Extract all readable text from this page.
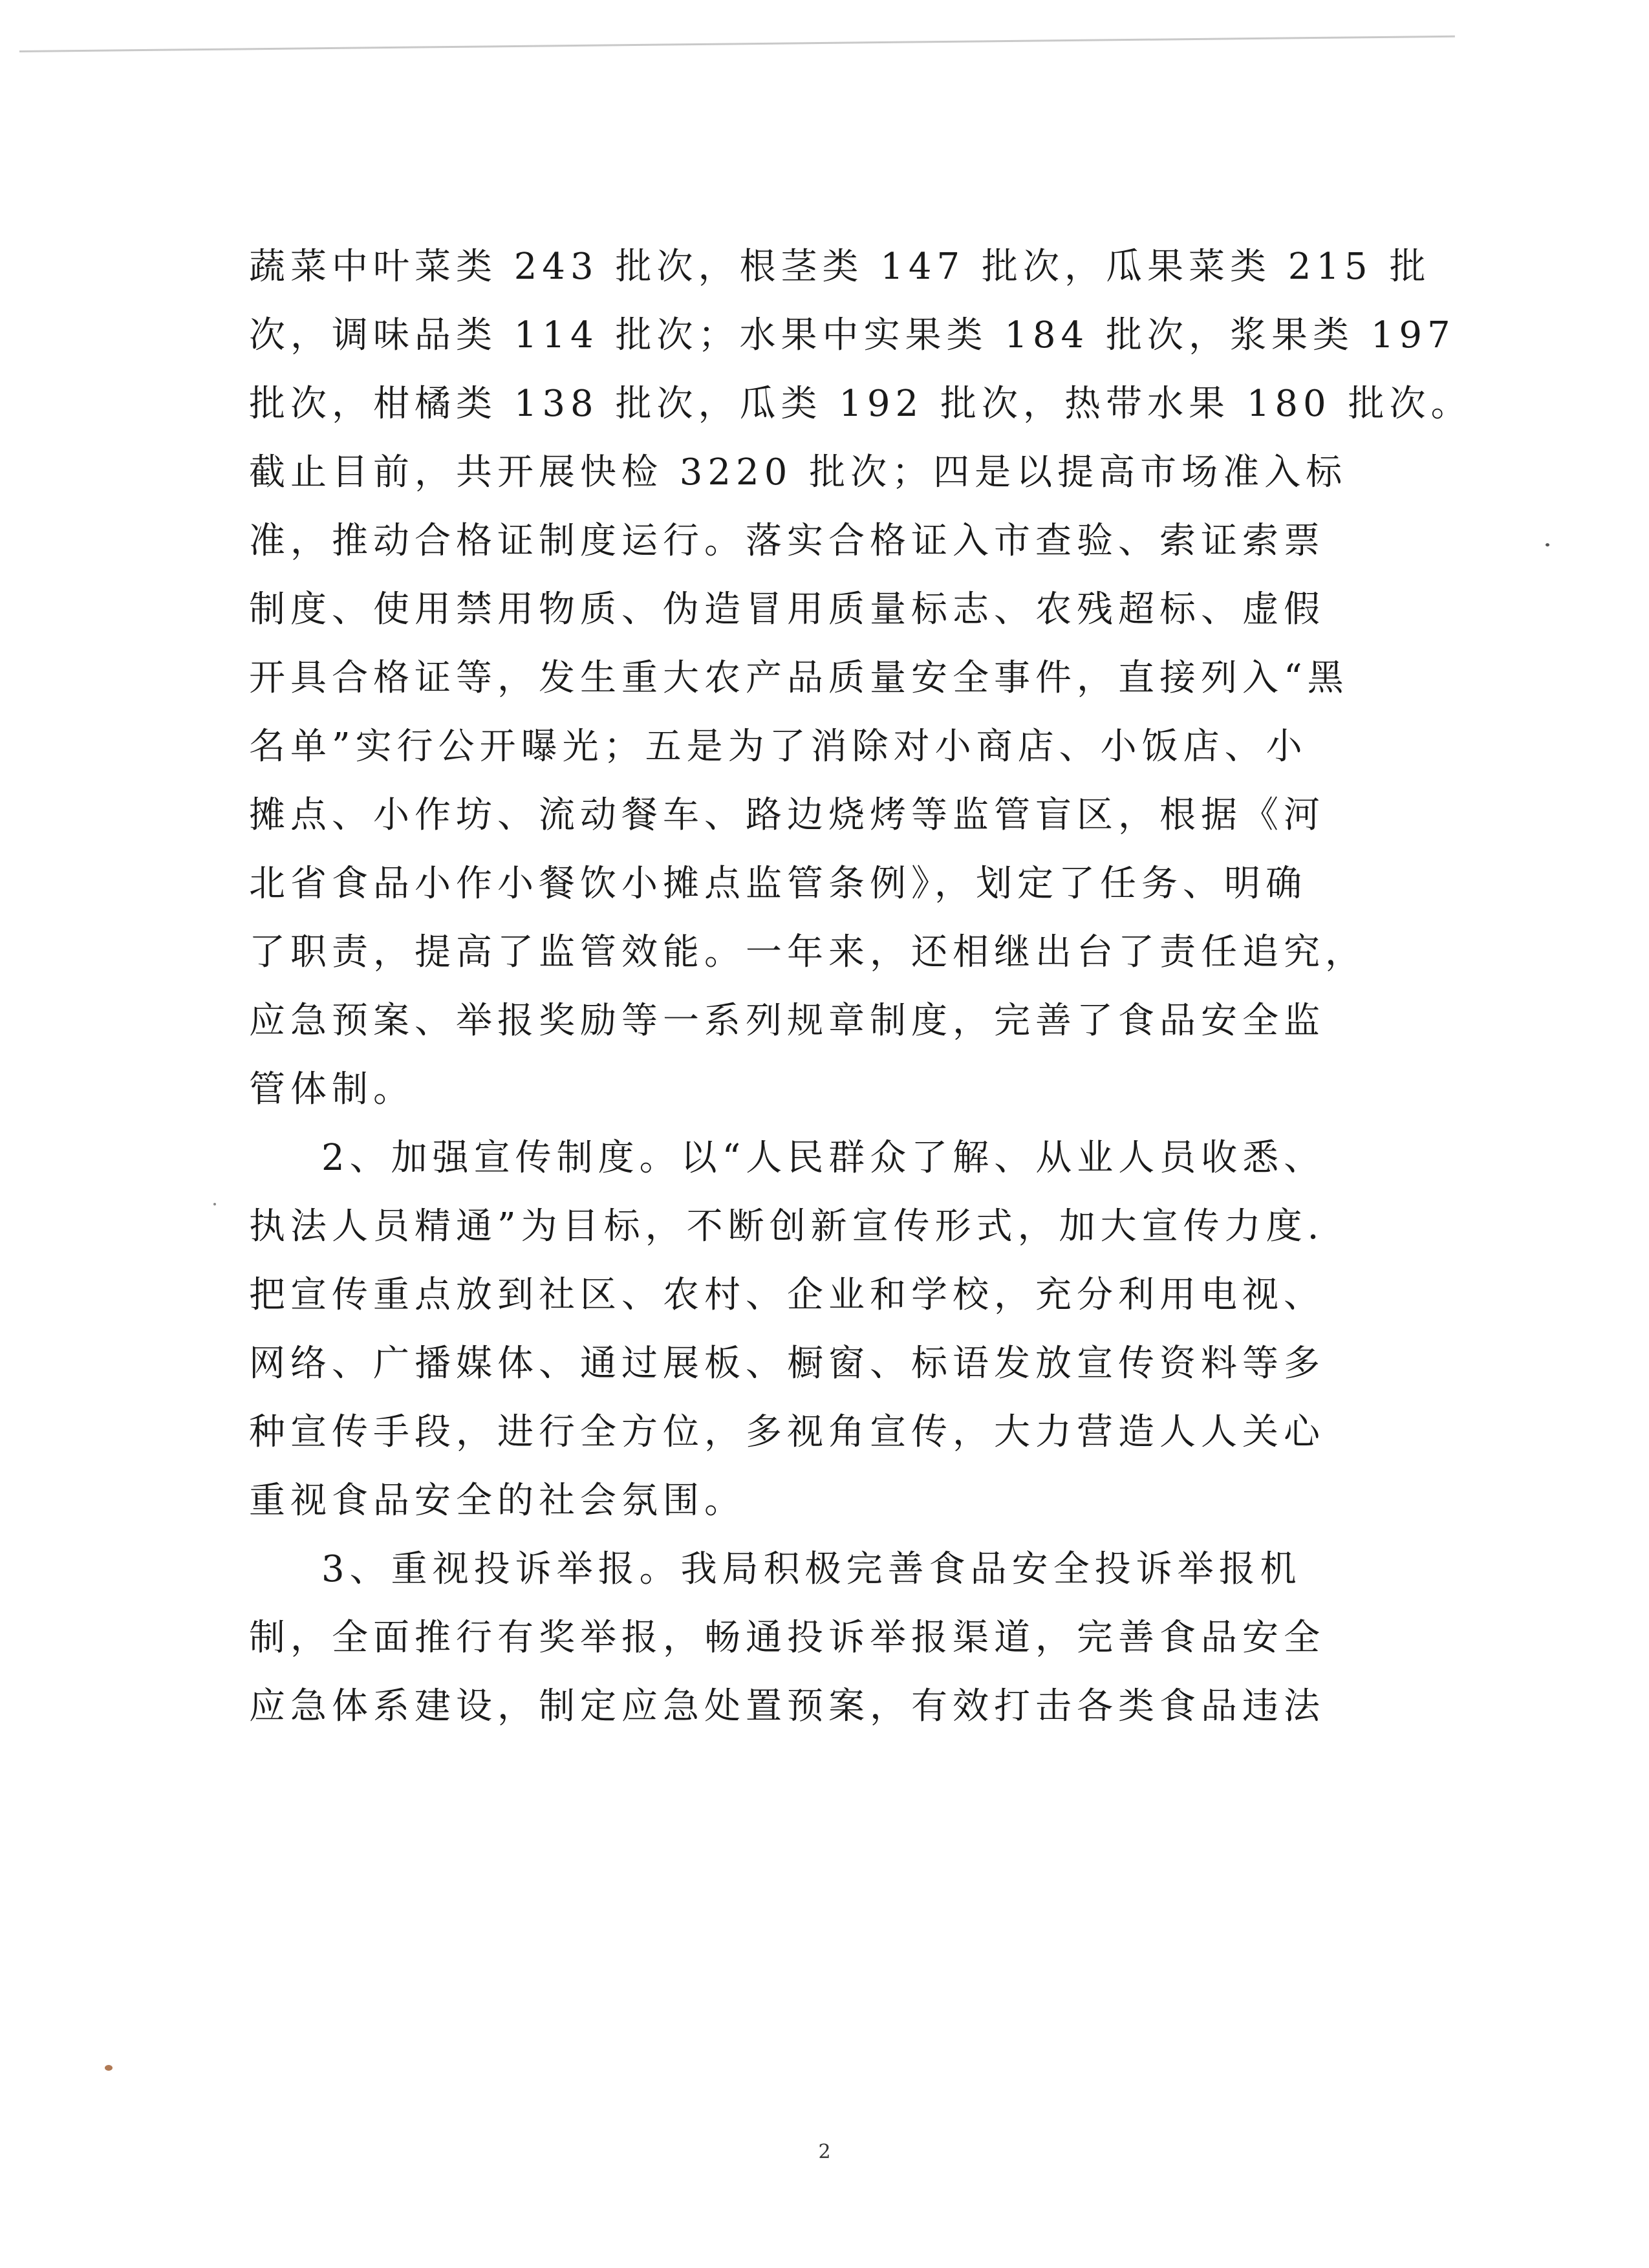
蔬菜中叶菜类 243 批次，根茎类 147 批次，瓜果菜类 215 批

次，调味品类 114 批次；水果中实果类 184 批次，浆果类 197

批次，柑橘类 138 批次，瓜类 192 批次，热带水果 180 批次。

截止目前，共开展快检 3220 批次；四是以提高市场准入标

准，推动合格证制度运行。落实合格证入市查验、索证索票

制度、使用禁用物质、伪造冒用质量标志、农残超标、虚假

开具合格证等，发生重大农产品质量安全事件，直接列入“黑

名单”实行公开曝光；五是为了消除对小商店、小饭店、小

摊点、小作坊、流动餐车、路边烧烤等监管盲区，根据《河

北省食品小作小餐饮小摊点监管条例》，划定了任务、明确

了职责，提高了监管效能。一年来，还相继出台了责任追究，

应急预案、举报奖励等一系列规章制度，完善了食品安全监

管体制。

2、加强宣传制度。以“人民群众了解、从业人员收悉、

执法人员精通”为目标，不断创新宣传形式，加大宣传力度.

把宣传重点放到社区、农村、企业和学校，充分利用电视、

网络、广播媒体、通过展板、橱窗、标语发放宣传资料等多

种宣传手段，进行全方位，多视角宣传，大力营造人人关心

重视食品安全的社会氛围。

3、重视投诉举报。我局积极完善食品安全投诉举报机

制，全面推行有奖举报，畅通投诉举报渠道，完善食品安全

应急体系建设，制定应急处置预案，有效打击各类食品违法

2
